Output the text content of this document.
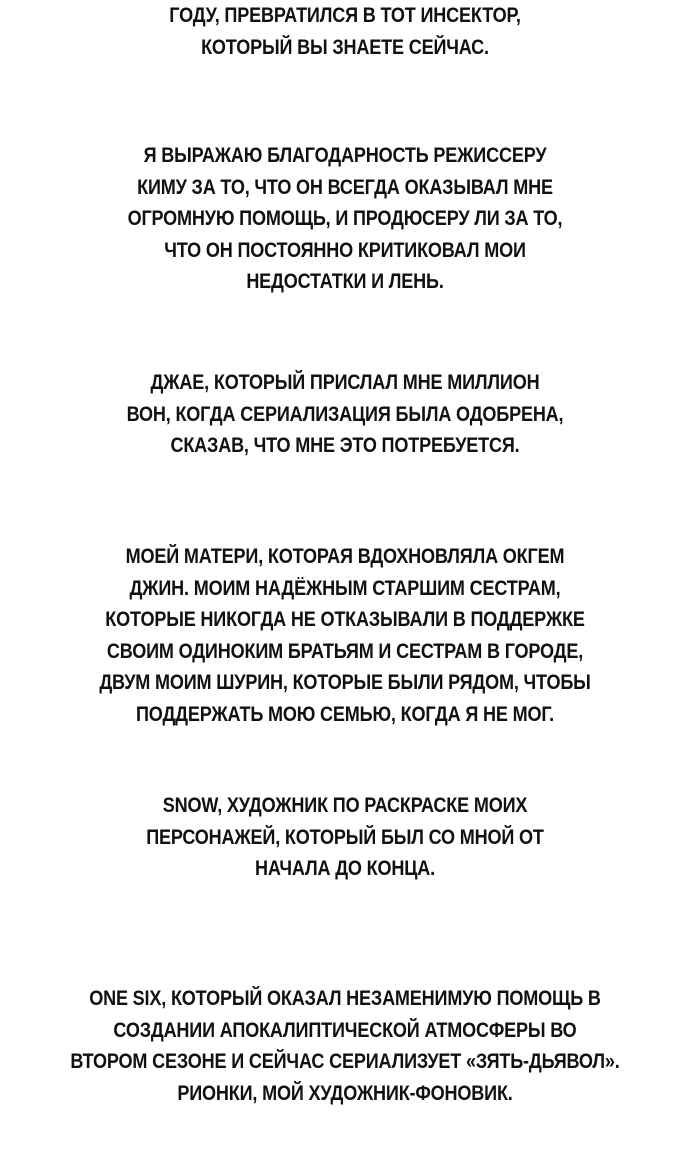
ГОДУ, ПРЕВРАТИЛСЯ В ТОТ ИНСЕКТОР,
КОТОРЫЙ ВЫ ЗНАЕТЕ СЕЙЧАС.
Я ВЫРАЖАЮ БЛАГОДАРНОСТЬ РЕЖИССЕРУ
КИМУ ЗА ТО, ЧТО ОН ВСЕГДА ОКАЗЫВАЛ МНЕ
ОГРОМНУЮ ПОМОЩЬ, И ПРОДЮСЕРУ ЛИ ЗА ТО,
ЧТО ОН ПОСТОЯННО КРИТИКОВАЛ МОИ
НЕДОСТАТКИ И ЛЕНЬ.
ДЖАЕ, КОТОРЫЙ ПРИСЛАЛ МНЕ МИЛЛИОН
ВОН, КОГДА СЕРИАЛИЗАЦИЯ БЫЛА ОДОБРЕНА,
СКАЗАВ, ЧТО МНЕ ЭТО ПОТРЕБУЕТСЯ.
МОЕЙ МАТЕРИ, КОТОРАЯ ВДОХНОВЛЯЛА ОКГЕМ
ДЖИН. МОИМ НАДЁЖНЫМ СТАРШИМ СЕСТРАМ,
КОТОРЫЕ НИКОГДА НЕ ОТКАЗЫВАЛИ В ПОДДЕРЖКЕ
СВОИМ ОДИНОКИМ БРАТЬЯМ И СЕСТРАМ В ГОРОДЕ,
ДВУМ МОИМ ШУРИН, КОТОРЫЕ БЫЛИ РЯДОМ, ЧТОБЫ
ПОДДЕРЖАТЬ МОЮ СЕМЬЮ, КОГДА Я НЕ МОГ.
SNOW, ХУДОЖНИК ПО РАСКРАСКЕ МОИХ
ПЕРСОНАЖЕЙ, КОТОРЫЙ БЫЛ СО МНОЙ ОТ
НАЧАЛА ДО КОНЦА.
ONE SIX, КОТОРЫЙ ОКАЗАЛ НЕЗАМЕНИМУЮ ПОМОЩЬ В
СОЗДАНИИ АПОКАЛИПТИЧЕСКОЙ АТМОСФЕРЫ ВО
ВТОРОМ СЕЗОНЕ И СЕЙЧАС СЕРИАЛИЗУЕТ «ЗЯТЬ-ДЬЯВОЛ».
РИОНКИ, МОЙ ХУДОЖНИК-ФОНОВИК.
